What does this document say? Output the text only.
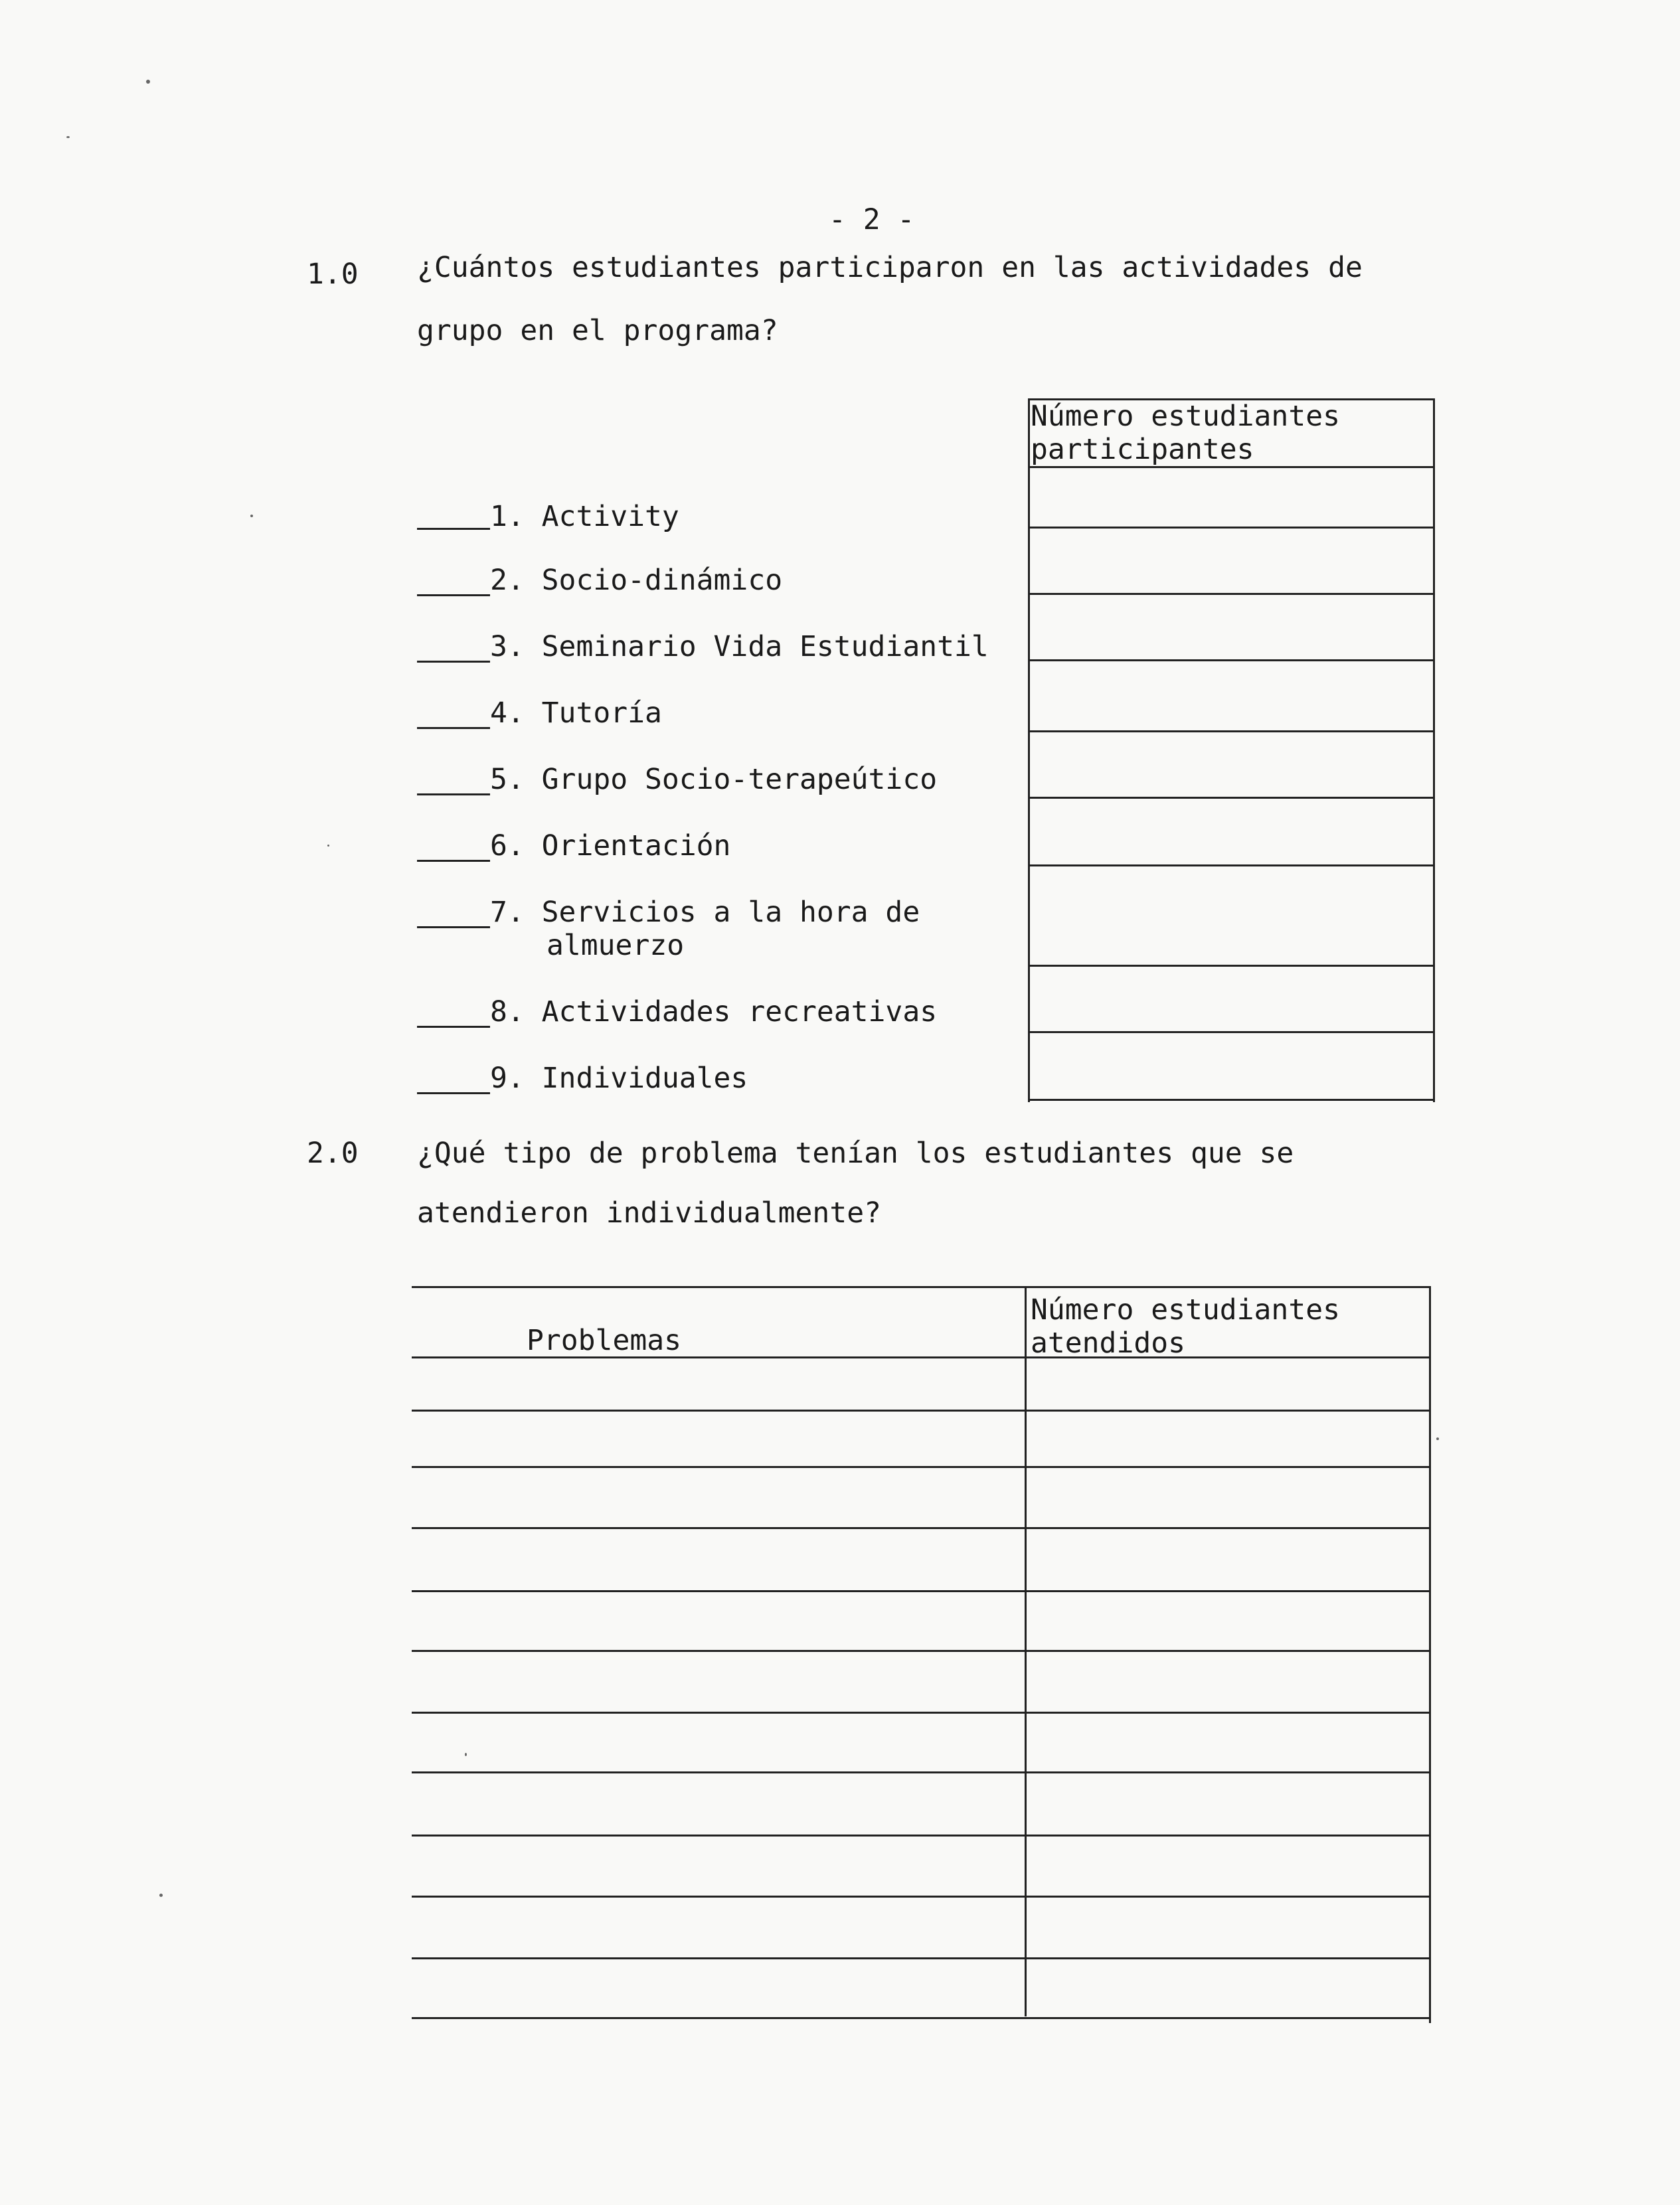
- 2 -
1.0 ¿Cuántos estudiantes participaron en las actividades de
grupo en el programa?
Número estudiantes
participantes
1. Activity
2. Socio-dinámico
3. Seminario Vida Estudiantil
4. Tutoría
5. Grupo Socio-terapeútico
6. Orientación
7. Servicios a la hora de
almuerzo
8. Actividades recreativas
9. Individuales
2.0 ¿Qué tipo de problema tenían los estudiantes que se
atendieron individualmente?
Problemas
Número estudiantes
atendidos
